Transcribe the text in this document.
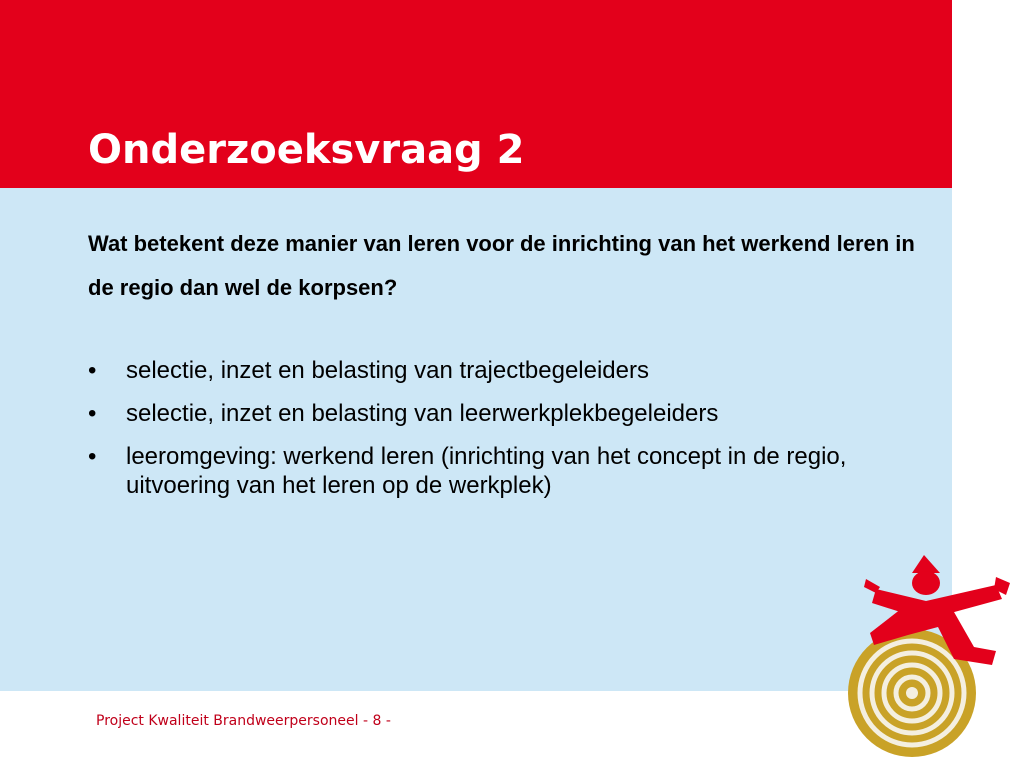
Onderzoeksvraag 2

Wat betekent deze manier van leren voor de inrichting van het werkend leren in de regio dan wel de korpsen?

• selectie, inzet en belasting van trajectbegeleiders
• selectie, inzet en belasting van leerwerkplekbegeleiders
• leeromgeving: werkend leren (inrichting van het concept in de regio, uitvoering van het leren op de werkplek)
Project Kwaliteit Brandweerpersoneel - 8 -
